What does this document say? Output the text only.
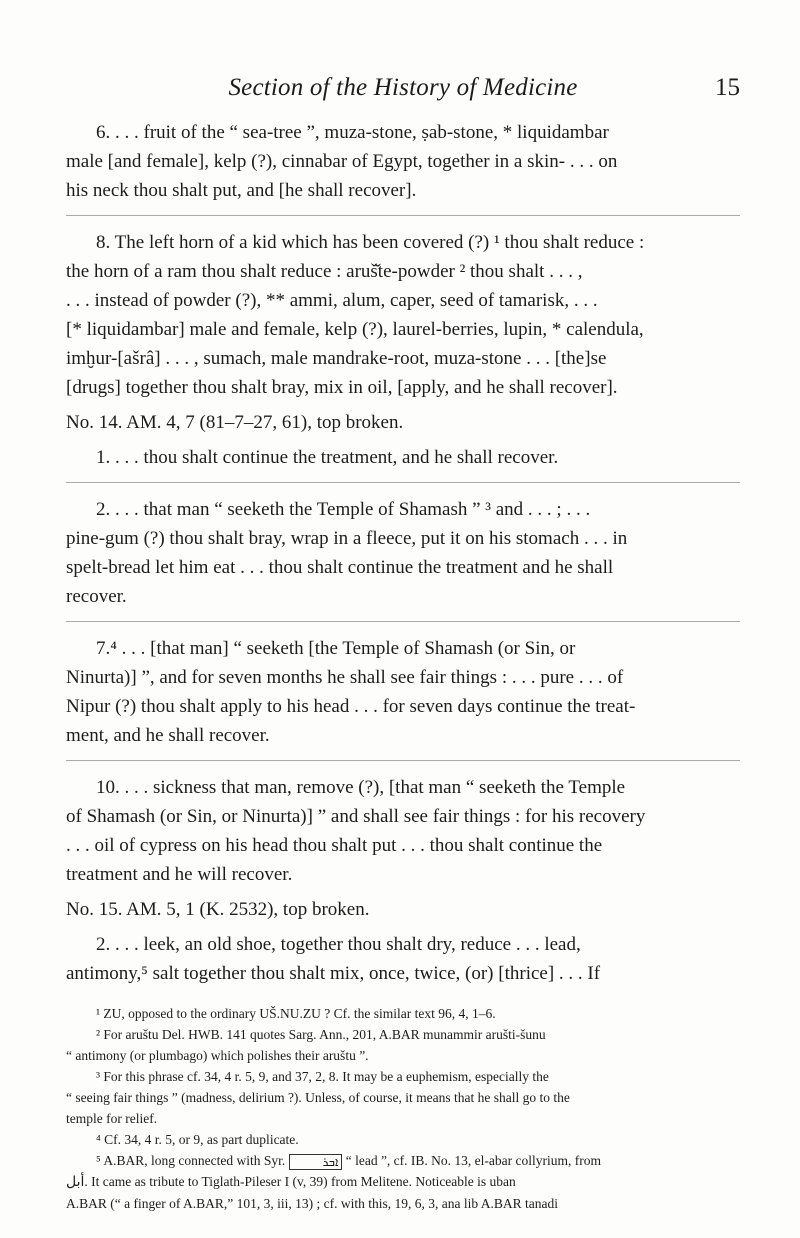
Section of the History of Medicine	15

6. . . . fruit of the “ sea-tree ”, muza-stone, ṣab-stone, * liquidambar

male [and female], kelp (?), cinnabar of Egypt, together in a skin- . . . on

his neck thou shalt put, and [he shall recover].

8. The left horn of a kid which has been covered (?) ¹ thou shalt reduce :

the horn of a ram thou shalt reduce : aruš̌te-powder ² thou shalt . . . ,

. . . instead of powder (?), ** ammi, alum, caper, seed of tamarisk, . . .

[* liquidambar] male and female, kelp (?), laurel-berries, lupin, * calendula,

imḫur-[ašrâ] . . . , sumach, male mandrake-root, muza-stone . . . [the]se

[drugs] together thou shalt bray, mix in oil, [apply, and he shall recover].

No. 14. AM. 4, 7 (81–7–27, 61), top broken.

1. . . . thou shalt continue the treatment, and he shall recover.

2. . . . that man “ seeketh the Temple of Shamash ” ³ and . . . ; . . .

pine-gum (?) thou shalt bray, wrap in a fleece, put it on his stomach . . . in

spelt-bread let him eat . . . thou shalt continue the treatment and he shall

recover.

7.⁴ . . . [that man] “ seeketh [the Temple of Shamash (or Sin, or

Ninurta)] ”, and for seven months he shall see fair things : . . . pure . . . of

Nipur (?) thou shalt apply to his head . . . for seven days continue the treat-

ment, and he shall recover.

10. . . . sickness that man, remove (?), [that man “ seeketh the Temple

of Shamash (or Sin, or Ninurta)] ” and shall see fair things : for his recovery

. . . oil of cypress on his head thou shalt put . . . thou shalt continue the

treatment and he will recover.

No. 15. AM. 5, 1 (K. 2532), top broken.

2. . . . leek, an old shoe, together thou shalt dry, reduce . . . lead,

antimony,⁵ salt together thou shalt mix, once, twice, (or) [thrice] . . . If

¹ ZU, opposed to the ordinary UŠ.NU.ZU ? Cf. the similar text 96, 4, 1–6.

² For aruštu Del. HWB. 141 quotes Sarg. Ann., 201, A.BAR munammir arušti-šunu

“ antimony (or plumbago) which polishes their aruštu ”.

³ For this phrase cf. 34, 4 r. 5, 9, and 37, 2, 8. It may be a euphemism, especially the

“ seeing fair things ” (madness, delirium ?). Unless, of course, it means that he shall go to the

temple for relief.

⁴ Cf. 34, 4 r. 5, or 9, as part duplicate.

⁵ A.BAR, long connected with Syr.	ܐܒܪ “ lead ”, cf. IB. No. 13, el-abar collyrium, from

أبل. It came as tribute to Tiglath-Pileser I (v, 39) from Melitene. Noticeable is uban

A.BAR (“ a finger of A.BAR,” 101, 3, iii, 13) ; cf. with this, 19, 6, 3, ana lib A.BAR tanadi
